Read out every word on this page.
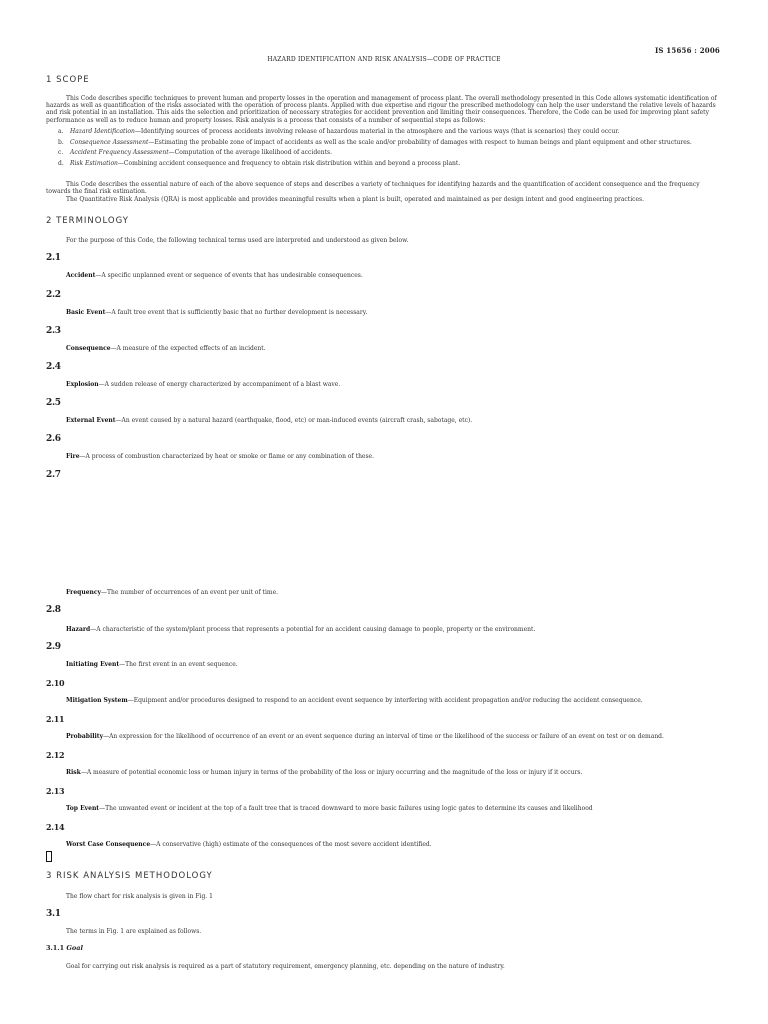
IS 15656 : 2006
HAZARD IDENTIFICATION AND RISK ANALYSIS—CODE OF PRACTICE
1 SCOPE
This Code describes specific techniques to prevent human and property losses in the operation and management of process plant. The overall methodology presented in this Code allows systematic identification of hazards as well as quantification of the risks associated with the operation of process plants. Applied with due expertise and rigour the prescribed methodology can help the user understand the relative levels of hazards and risk potential in an installation. This aids the selection and prioritization of necessary strategies for accident prevention and limiting their consequences. Therefore, the Code can be used for improving plant safety performance as well as to reduce human and property losses. Risk analysis is a process that consists of a number of sequential steps as follows:
a. Hazard Identification—Identifying sources of process accidents involving release of hazardous material in the atmosphere and the various ways (that is scenarios) they could occur.
b. Consequence Assessment—Estimating the probable zone of impact of accidents as well as the scale and/or probability of damages with respect to human beings and plant equipment and other structures.
c. Accident Frequency Assessment—Computation of the average likelihood of accidents.
d. Risk Estimation—Combining accident consequence and frequency to obtain risk distribution within and beyond a process plant.
This Code describes the essential nature of each of the above sequence of steps and describes a variety of techniques for identifying hazards and the quantification of accident consequence and the frequency towards the final risk estimation.
The Quantitative Risk Analysis (QRA) is most applicable and provides meaningful results when a plant is built, operated and maintained as per design intent and good engineering practices.
2 TERMINOLOGY
For the purpose of this Code, the following technical terms used are interpreted and understood as given below.
2.1
Accident—A specific unplanned event or sequence of events that has undesirable consequences.
2.2
Basic Event—A fault tree event that is sufficiently basic that no further development is necessary.
2.3
Consequence—A measure of the expected effects of an incident.
2.4
Explosion—A sudden release of energy characterized by accompaniment of a blast wave.
2.5
External Event—An event caused by a natural hazard (earthquake, flood, etc) or man-induced events (aircraft crash, sabotage, etc).
2.6
Fire—A process of combustion characterized by heat or smoke or flame or any combination of these.
2.7
Frequency—The number of occurrences of an event per unit of time.
2.8
Hazard—A characteristic of the system/plant process that represents a potential for an accident causing damage to people, property or the environment.
2.9
Initiating Event—The first event in an event sequence.
2.10
Mitigation System—Equipment and/or procedures designed to respond to an accident event sequence by interfering with accident propagation and/or reducing the accident consequence.
2.11
Probability—An expression for the likelihood of occurrence of an event or an event sequence during an interval of time or the likelihood of the success or failure of an event on test or on demand.
2.12
Risk—A measure of potential economic loss or human injury in terms of the probability of the loss or injury occurring and the magnitude of the loss or injury if it occurs.
2.13
Top Event—The unwanted event or incident at the top of a fault tree that is traced downward to more basic failures using logic gates to determine its causes and likelihood
2.14
Worst Case Consequence—A conservative (high) estimate of the consequences of the most severe accident identified.
3 RISK ANALYSIS METHODOLOGY
The flow chart for risk analysis is given in Fig. 1
3.1
The terms in Fig. 1 are explained as follows.
3.1.1 Goal
Goal for carrying out risk analysis is required as a part of statutory requirement, emergency planning, etc. depending on the nature of industry.
